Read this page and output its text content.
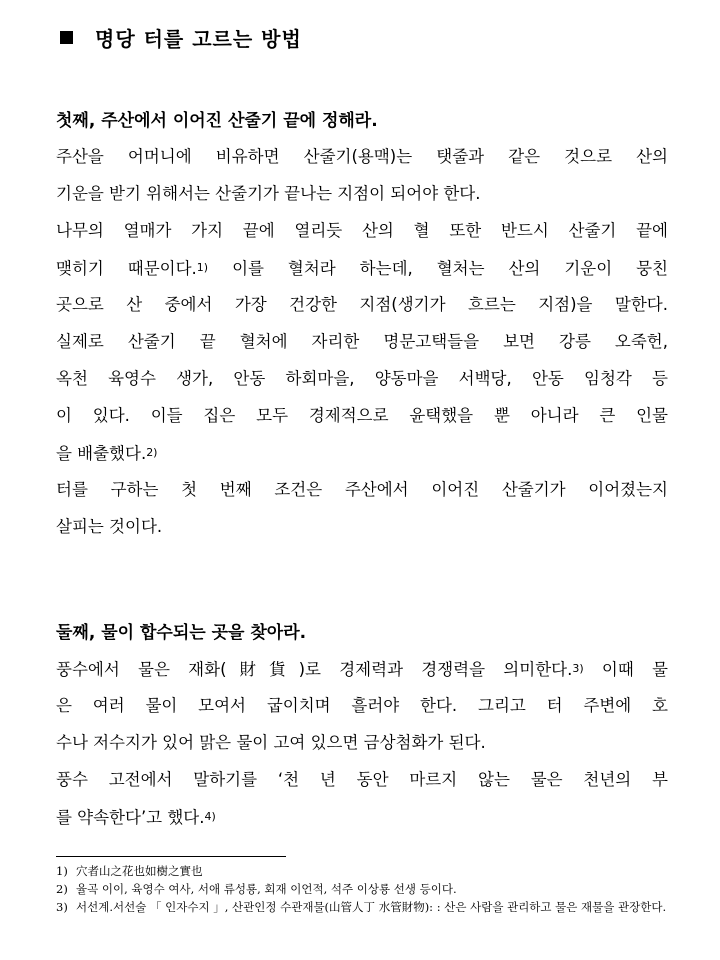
명당 터를 고르는 방법
첫째, 주산에서 이어진 산줄기 끝에 정해라.
주산을 어머니에 비유하면 산줄기(용맥)는 탯줄과 같은 것으로 산의
기운을 받기 위해서는 산줄기가 끝나는 지점이 되어야 한다.
나무의 열매가 가지 끝에 열리듯 산의 혈 또한 반드시 산줄기 끝에
맺히기 때문이다.1) 이를 혈처라 하는데, 혈처는 산의 기운이 뭉친
곳으로 산 중에서 가장 건강한 지점(생기가 흐르는 지점)을 말한다.
실제로 산줄기 끝 혈처에 자리한 명문고택들을 보면 강릉 오죽헌,
옥천 육영수 생가, 안동 하회마을, 양동마을 서백당, 안동 임청각 등
이 있다. 이들 집은 모두 경제적으로 윤택했을 뿐 아니라 큰 인물
을 배출했다.2)
터를 구하는 첫 번째 조건은 주산에서 이어진 산줄기가 이어졌는지
살피는 것이다.
둘째, 물이 합수되는 곳을 찾아라.
풍수에서 물은 재화(財貨)로 경제력과 경쟁력을 의미한다.3) 이때 물
은 여러 물이 모여서 굽이치며 흘러야 한다. 그리고 터 주변에 호
수나 저수지가 있어 맑은 물이 고여 있으면 금상첨화가 된다.
풍수 고전에서 말하기를 ‘천 년 동안 마르지 않는 물은 천년의 부
를 약속한다’고 했다.4)
1) 穴者山之花也如樹之實也
2) 율곡 이이, 육영수 여사, 서애 류성룡, 회재 이언적, 석주 이상룡 선생 등이다.
3) 서선계.서선술 「 인자수지 」, 산관인정 수관재물(山管人丁 水管財物): : 산은 사람을 관리하고 물은 재물을 관장한다.
